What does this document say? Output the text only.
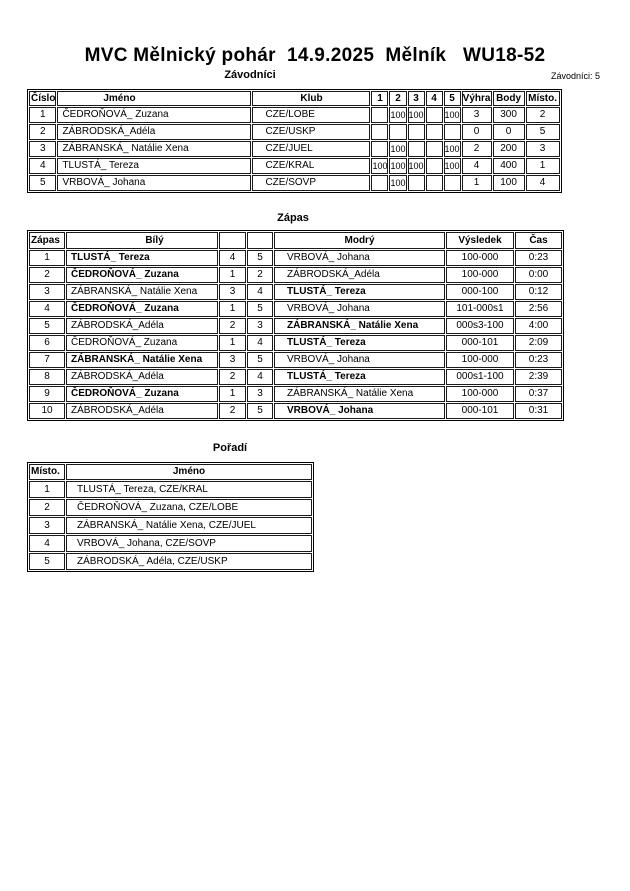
MVC Mělnický pohár  14.9.2025  Mělník   WU18-52
Závodníci	Závodníci: 5
Číslo	Jméno	Klub	1	2	3	4	5	Výhra	Body	Místo.
1	ČEDROŇOVÁ_ Zuzana	CZE/LOBE		100	100		100	3	300	2
2	ZÁBRODSKÁ_Adéla	CZE/USKP						0	0	5
3	ZÁBRANSKÁ_ Natálie Xena	CZE/JUEL		100			100	2	200	3
4	TLUSTÁ_ Tereza	CZE/KRAL	100	100	100		100	4	400	1
5	VRBOVÁ_ Johana	CZE/SOVP		100				1	100	4
Zápas
Zápas	Bílý			Modrý	Výsledek	Čas
1	TLUSTÁ_ Tereza	4	5	VRBOVÁ_ Johana	100-000	0:23
2	ČEDROŇOVÁ_ Zuzana	1	2	ZÁBRODSKÁ_Adéla	100-000	0:00
3	ZÁBRANSKÁ_ Natálie Xena	3	4	TLUSTÁ_ Tereza	000-100	0:12
4	ČEDROŇOVÁ_ Zuzana	1	5	VRBOVÁ_ Johana	101-000s1	2:56
5	ZÁBRODSKÁ_Adéla	2	3	ZÁBRANSKÁ_ Natálie Xena	000s3-100	4:00
6	ČEDROŇOVÁ_ Zuzana	1	4	TLUSTÁ_ Tereza	000-101	2:09
7	ZÁBRANSKÁ_ Natálie Xena	3	5	VRBOVÁ_ Johana	100-000	0:23
8	ZÁBRODSKÁ_Adéla	2	4	TLUSTÁ_ Tereza	000s1-100	2:39
9	ČEDROŇOVÁ_ Zuzana	1	3	ZÁBRANSKÁ_ Natálie Xena	100-000	0:37
10	ZÁBRODSKÁ_Adéla	2	5	VRBOVÁ_ Johana	000-101	0:31
Pořadí
Místo.	Jméno
1	TLUSTÁ_ Tereza, CZE/KRAL
2	ČEDROŇOVÁ_ Zuzana, CZE/LOBE
3	ZÁBRANSKÁ_ Natálie Xena, CZE/JUEL
4	VRBOVÁ_ Johana, CZE/SOVP
5	ZÁBRODSKÁ_ Adéla, CZE/USKP
